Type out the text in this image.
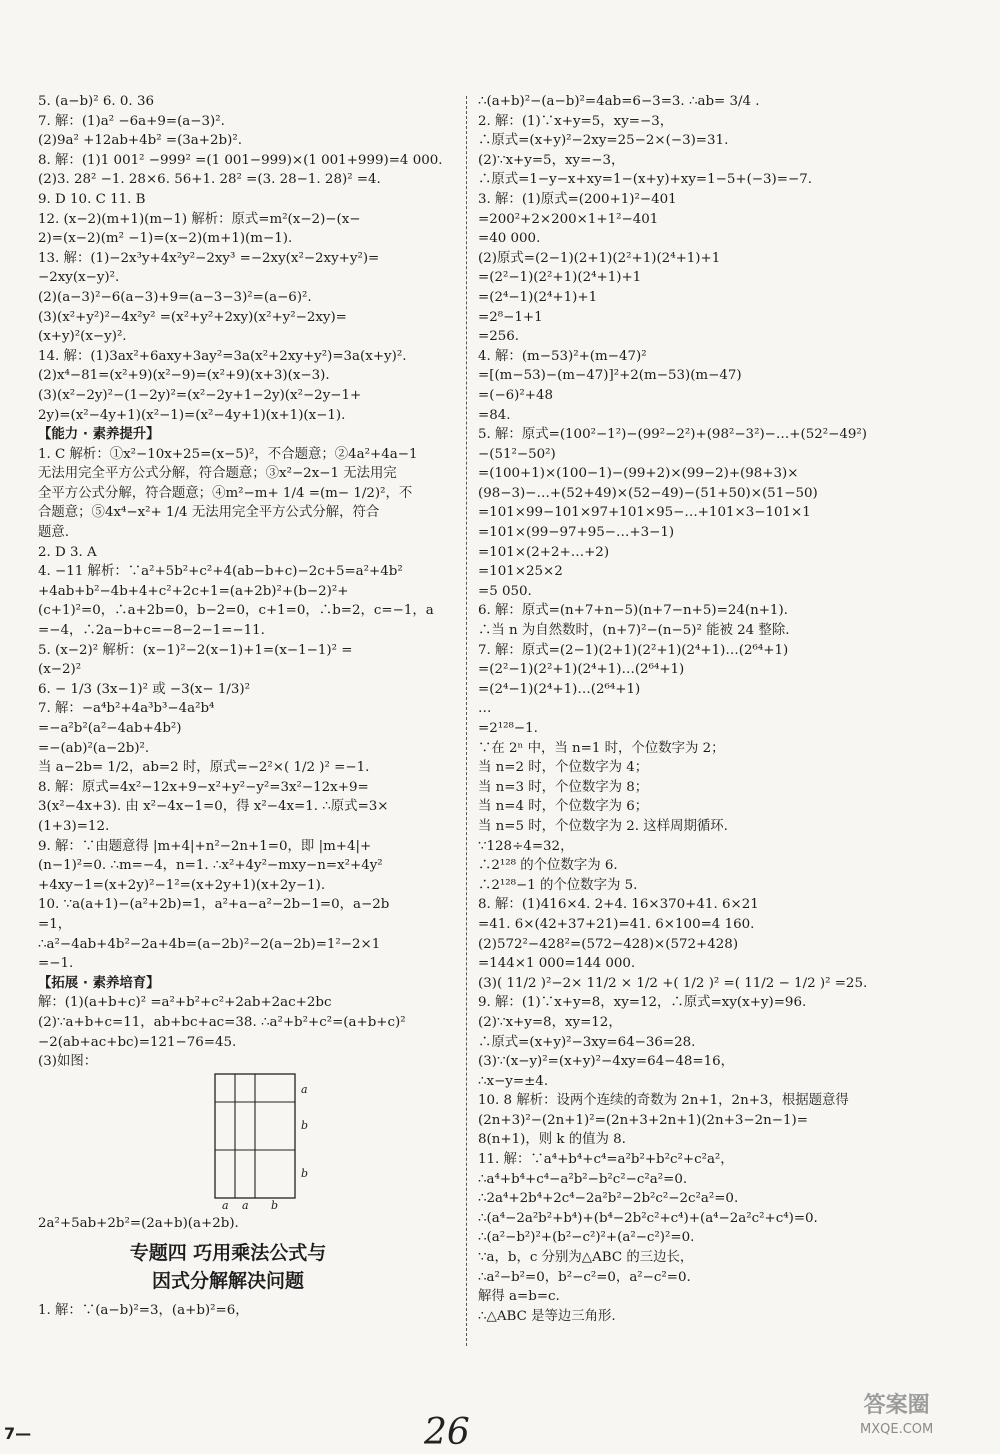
5. (a−b)² 6. 0. 36
7. 解：(1)a² −6a+9=(a−3)².
(2)9a² +12ab+4b² =(3a+2b)².
8. 解：(1)1 001² −999² =(1 001−999)×(1 001+999)=4 000.
(2)3. 28² −1. 28×6. 56+1. 28² =(3. 28−1. 28)² =4.
9. D 10. C 11. B
12. (x−2)(m+1)(m−1) 解析：原式=m²(x−2)−(x−
2)=(x−2)(m² −1)=(x−2)(m+1)(m−1).
13. 解：(1)−2x³y+4x²y²−2xy³ =−2xy(x²−2xy+y²)=
−2xy(x−y)².
(2)(a−3)²−6(a−3)+9=(a−3−3)²=(a−6)².
(3)(x²+y²)²−4x²y² =(x²+y²+2xy)(x²+y²−2xy)=
(x+y)²(x−y)².
14. 解：(1)3ax²+6axy+3ay²=3a(x²+2xy+y²)=3a(x+y)².
(2)x⁴−81=(x²+9)(x²−9)=(x²+9)(x+3)(x−3).
(3)(x²−2y)²−(1−2y)²=(x²−2y+1−2y)(x²−2y−1+
2y)=(x²−4y+1)(x²−1)=(x²−4y+1)(x+1)(x−1).
【能力 · 素养提升】
1. C 解析：①x²−10x+25=(x−5)²，不合题意；②4a²+4a−1
无法用完全平方公式分解，符合题意；③x²−2x−1 无法用完
全平方公式分解，符合题意；④m²−m+ 1/4 =(m− 1/2)²，不
合题意；⑤4x⁴−x²+ 1/4 无法用完全平方公式分解，符合
题意.
2. D 3. A
4. −11 解析：∵a²+5b²+c²+4(ab−b+c)−2c+5=a²+4b²
+4ab+b²−4b+4+c²+2c+1=(a+2b)²+(b−2)²+
(c+1)²=0，∴a+2b=0，b−2=0，c+1=0，∴b=2，c=−1，a
=−4，∴2a−b+c=−8−2−1=−11.
5. (x−2)² 解析：(x−1)²−2(x−1)+1=(x−1−1)² =
(x−2)²
6. − 1/3 (3x−1)² 或 −3(x− 1/3)²
7. 解：−a⁴b²+4a³b³−4a²b⁴
=−a²b²(a²−4ab+4b²)
=−(ab)²(a−2b)².
当 a−2b= 1/2，ab=2 时，原式=−2²×( 1/2 )² =−1.
8. 解：原式=4x²−12x+9−x²+y²−y²=3x²−12x+9=
3(x²−4x+3). 由 x²−4x−1=0，得 x²−4x=1. ∴原式=3×
(1+3)=12.
9. 解：∵由题意得 |m+4|+n²−2n+1=0，即 |m+4|+
(n−1)²=0. ∴m=−4，n=1. ∴x²+4y²−mxy−n=x²+4y²
+4xy−1=(x+2y)²−1²=(x+2y+1)(x+2y−1).
10. ∵a(a+1)−(a²+2b)=1，a²+a−a²−2b−1=0，a−2b
=1，
∴a²−4ab+4b²−2a+4b=(a−2b)²−2(a−2b)=1²−2×1
=−1.
【拓展 · 素养培育】
解：(1)(a+b+c)² =a²+b²+c²+2ab+2ac+2bc
(2)∵a+b+c=11，ab+bc+ac=38. ∴a²+b²+c²=(a+b+c)²
−2(ab+ac+bc)=121−76=45.
(3)如图：
a
b
b
a a b
2a²+5ab+2b²=(2a+b)(a+2b).
专题四 巧用乘法公式与
因式分解解决问题
1. 解：∵(a−b)²=3，(a+b)²=6，
∴(a+b)²−(a−b)²=4ab=6−3=3. ∴ab= 3/4 .
2. 解：(1)∵x+y=5，xy=−3，
∴原式=(x+y)²−2xy=25−2×(−3)=31.
(2)∵x+y=5，xy=−3，
∴原式=1−y−x+xy=1−(x+y)+xy=1−5+(−3)=−7.
3. 解：(1)原式=(200+1)²−401
=200²+2×200×1+1²−401
=40 000.
(2)原式=(2−1)(2+1)(2²+1)(2⁴+1)+1
=(2²−1)(2²+1)(2⁴+1)+1
=(2⁴−1)(2⁴+1)+1
=2⁸−1+1
=256.
4. 解：(m−53)²+(m−47)²
=[(m−53)−(m−47)]²+2(m−53)(m−47)
=(−6)²+48
=84.
5. 解：原式=(100²−1²)−(99²−2²)+(98²−3²)−…+(52²−49²)
−(51²−50²)
=(100+1)×(100−1)−(99+2)×(99−2)+(98+3)×
(98−3)−…+(52+49)×(52−49)−(51+50)×(51−50)
=101×99−101×97+101×95−…+101×3−101×1
=101×(99−97+95−…+3−1)
=101×(2+2+…+2)
=101×25×2
=5 050.
6. 解：原式=(n+7+n−5)(n+7−n+5)=24(n+1).
∴当 n 为自然数时，(n+7)²−(n−5)² 能被 24 整除.
7. 解：原式=(2−1)(2+1)(2²+1)(2⁴+1)…(2⁶⁴+1)
=(2²−1)(2²+1)(2⁴+1)…(2⁶⁴+1)
=(2⁴−1)(2⁴+1)…(2⁶⁴+1)
…
=2¹²⁸−1.
∵在 2ⁿ 中，当 n=1 时，个位数字为 2；
当 n=2 时，个位数字为 4；
当 n=3 时，个位数字为 8；
当 n=4 时，个位数字为 6；
当 n=5 时，个位数字为 2. 这样周期循环.
∵128÷4=32，
∴2¹²⁸ 的个位数字为 6.
∴2¹²⁸−1 的个位数字为 5.
8. 解：(1)416×4. 2+4. 16×370+41. 6×21
=41. 6×(42+37+21)=41. 6×100=4 160.
(2)572²−428²=(572−428)×(572+428)
=144×1 000=144 000.
(3)( 11/2 )²−2× 11/2 × 1/2 +( 1/2 )² =( 11/2 − 1/2 )² =25.
9. 解：(1)∵x+y=8，xy=12，∴原式=xy(x+y)=96.
(2)∵x+y=8，xy=12，
∴原式=(x+y)²−3xy=64−36=28.
(3)∵(x−y)²=(x+y)²−4xy=64−48=16，
∴x−y=±4.
10. 8 解析：设两个连续的奇数为 2n+1，2n+3，根据题意得
(2n+3)²−(2n+1)²=(2n+3+2n+1)(2n+3−2n−1)=
8(n+1)，则 k 的值为 8.
11. 解：∵a⁴+b⁴+c⁴=a²b²+b²c²+c²a²，
∴a⁴+b⁴+c⁴−a²b²−b²c²−c²a²=0.
∴2a⁴+2b⁴+2c⁴−2a²b²−2b²c²−2c²a²=0.
∴(a⁴−2a²b²+b⁴)+(b⁴−2b²c²+c⁴)+(a⁴−2a²c²+c⁴)=0.
∴(a²−b²)²+(b²−c²)²+(a²−c²)²=0.
∵a，b，c 分别为△ABC 的三边长，
∴a²−b²=0，b²−c²=0，a²−c²=0.
解得 a=b=c.
∴△ABC 是等边三角形.
26
7—
答案圈
MXQE.COM
